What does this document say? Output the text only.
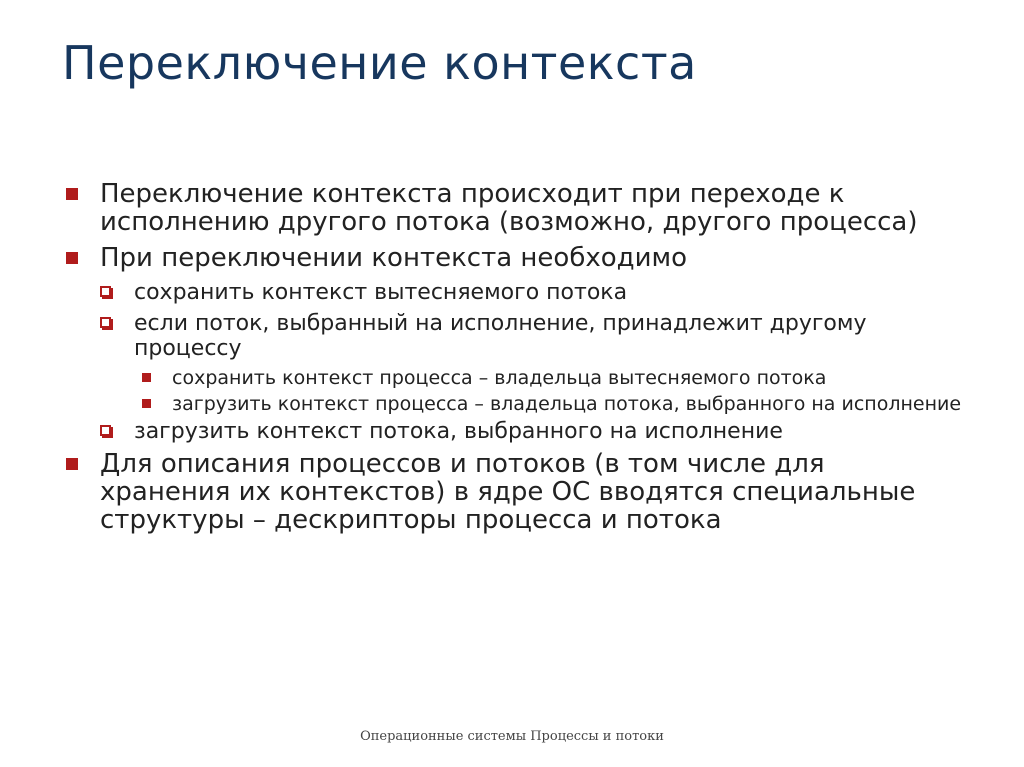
Переключение контекста
Переключение контекста происходит при переходе к исполнению другого потока (возможно, другого процесса)
При переключении контекста необходимо
сохранить контекст вытесняемого потока
если поток, выбранный на исполнение, принадлежит другому процессу
сохранить контекст процесса – владельца вытесняемого потока
загрузить контекст процесса – владельца потока, выбранного на исполнение
загрузить контекст потока, выбранного на исполнение
Для описания процессов и потоков (в том числе для хранения их контекстов) в ядре ОС вводятся специальные структуры – дескрипторы процесса и потока
Операционные системы Процессы и потоки
